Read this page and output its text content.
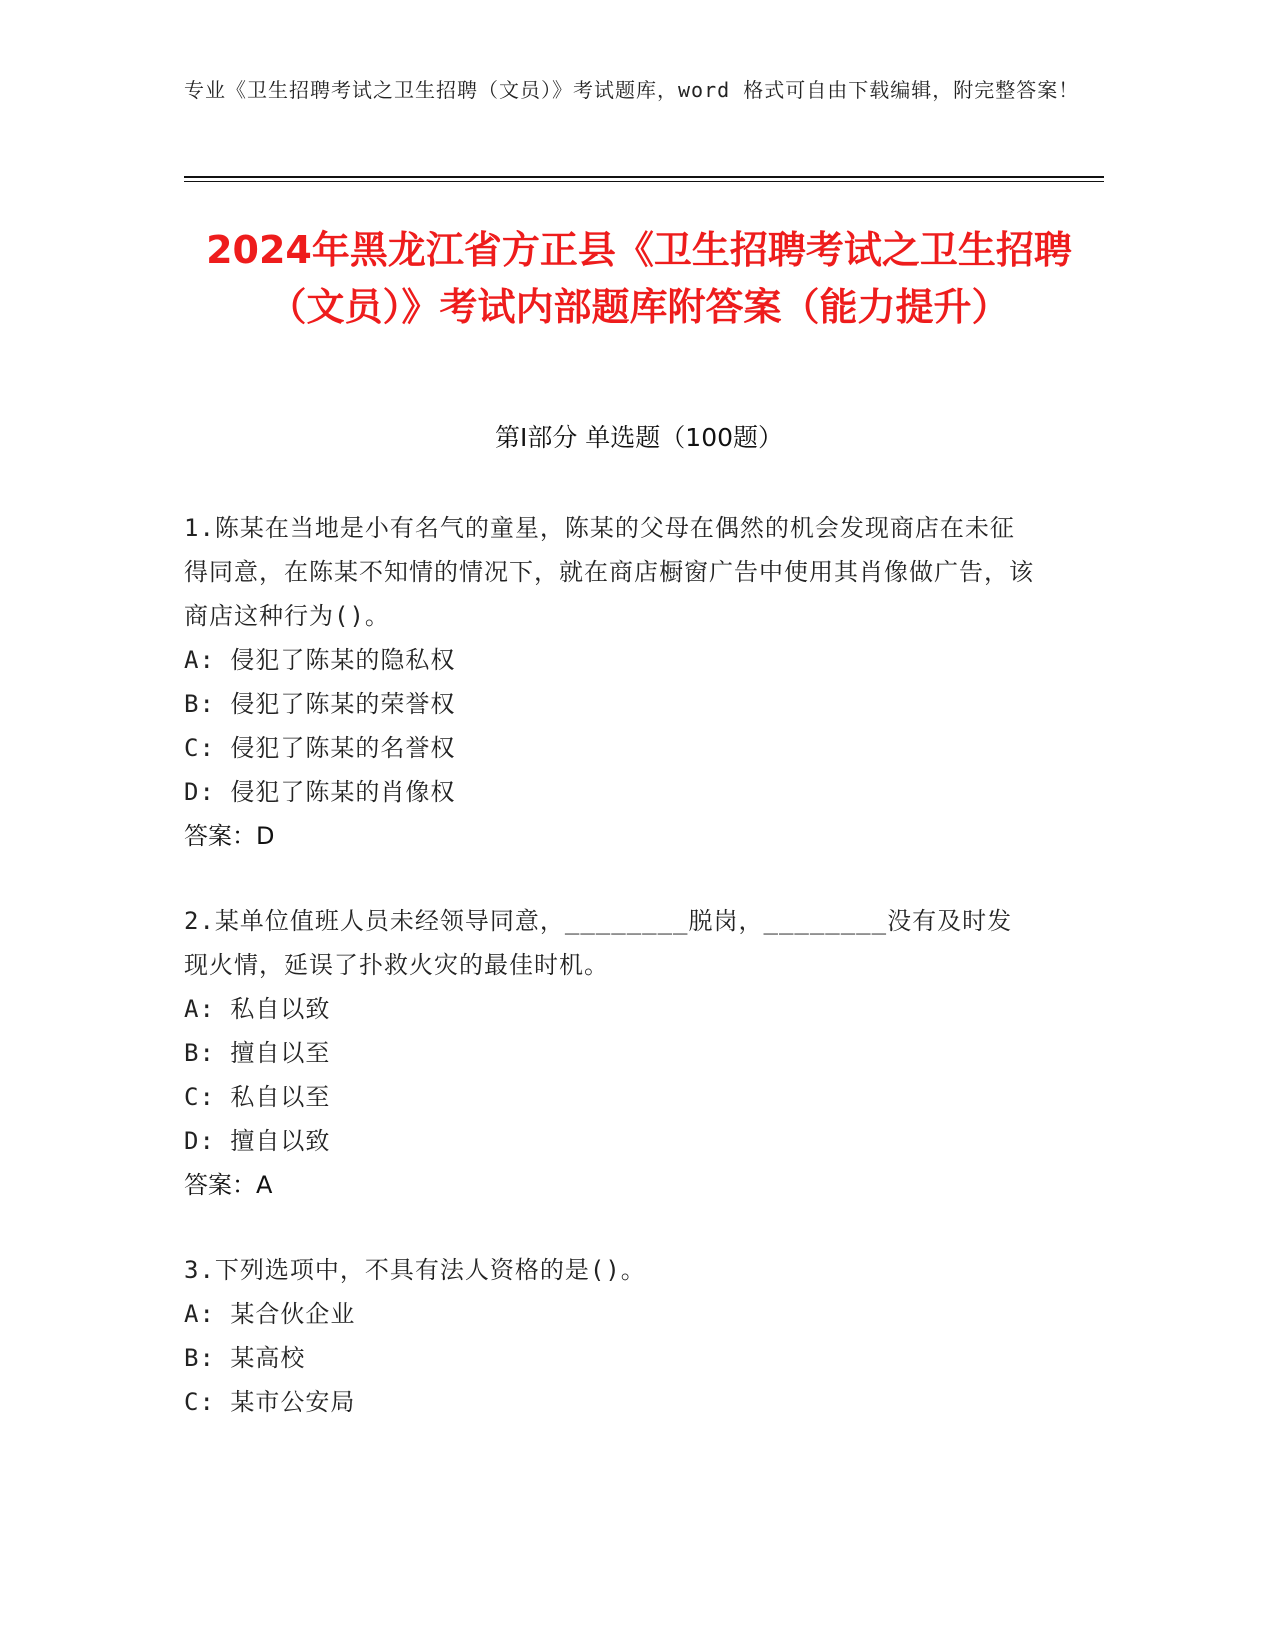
专业《卫生招聘考试之卫生招聘（文员）》考试题库，word 格式可自由下载编辑，附完整答案！
2024年黑龙江省方正县《卫生招聘考试之卫生招聘（文员）》考试内部题库附答案（能力提升）
第I部分 单选题（100题）
1.陈某在当地是小有名气的童星，陈某的父母在偶然的机会发现商店在未征得同意，在陈某不知情的情况下，就在商店橱窗广告中使用其肖像做广告，该商店这种行为()。
A: 侵犯了陈某的隐私权
B: 侵犯了陈某的荣誉权
C: 侵犯了陈某的名誉权
D: 侵犯了陈某的肖像权
答案：D
2.某单位值班人员未经领导同意，________脱岗，________没有及时发现火情，延误了扑救火灾的最佳时机。
A: 私自以致
B: 擅自以至
C: 私自以至
D: 擅自以致
答案：A
3.下列选项中，不具有法人资格的是()。
A: 某合伙企业
B: 某高校
C: 某市公安局
